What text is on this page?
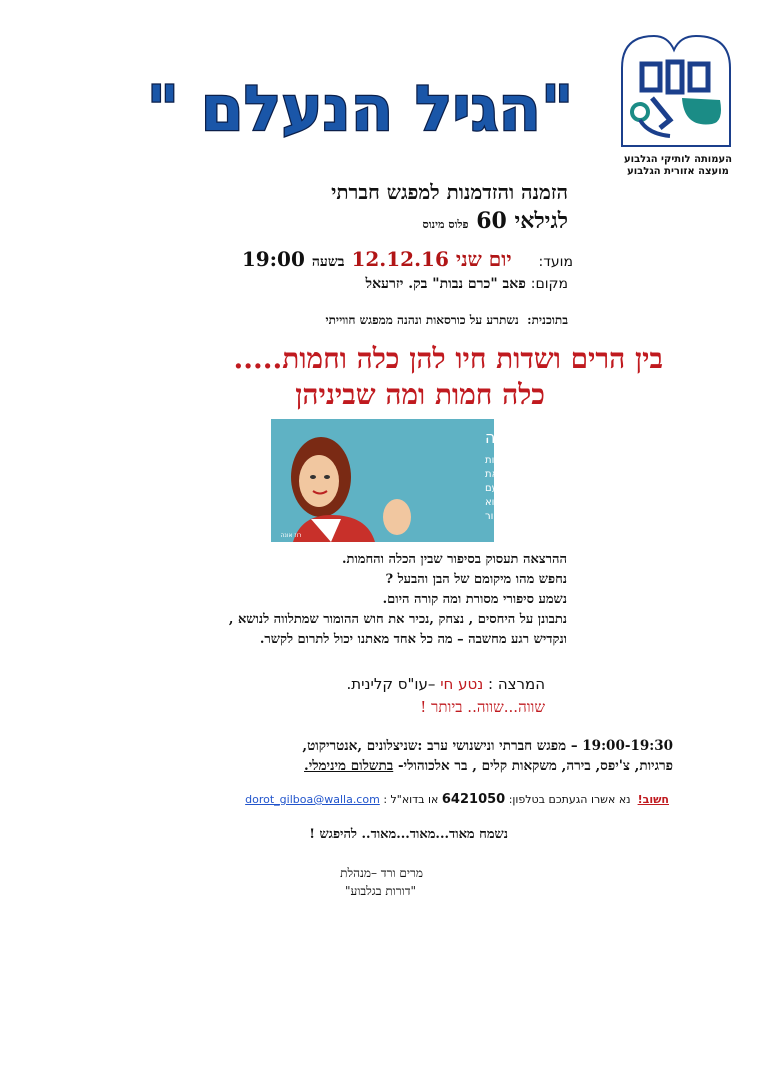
העמותה לותיקי הגלבוע
מועצה אזורית הגלבוע
"הגיל הנעלם "
הזמנה והזדמנות למפגש חברתי
לגילאי 60 פלוס מינוס
מועד: יום שני 12.12.16 בשעה 19:00
מקום: פאב "כרם נבות" בק. יזרעאל
בתוכנית:  נשתרע על כורסאות ונהנה ממפגש חווייתי
בין הרים ושדות חיו להן כלה וחמות.....
כלה חמות ומה שביניהן
חמותי היקרה
אינני זקוקה לעצות
שלך איך לגדל את
ילדיי. אני חיה עם
אחד משלך, והוא
זקוק להרבה שיפור
רוז אונה
ההרצאה תעסוק בסיפור שבין הכלה והחמות.
נחפש מהו מיקומם של הבן והבעל ?
נשמע סיפורי מסורת ומה קורה היום.
נתבונן על היחסים , נצחק ,נכיר את חוש ההומור שמתלווה לנושא ,
ונקדיש רגע מחשבה – מה כל אחד מאתנו יכול לתרום לקשר.
המרצה : נטע חי –עו"ס קלינית.
שווה...שווה.. ביותר !
19:00-19:30 – מפגש חברתי ונישנושי ערב :שניצלונים ,אנטריקוט,
פרגיות, צ'יפס, בירה, משקאות קלים , בר אלכוהולי- בתשלום מינימלי.
חשוב!  נא אשרו הגעתכם בטלפון: 6421050 או בדוא"ל : dorot_gilboa@walla.com
נשמח מאוד...מאוד...מאוד.. להיפגש !
מרים ורד –מנהלת
"דורות בגלבוע"
